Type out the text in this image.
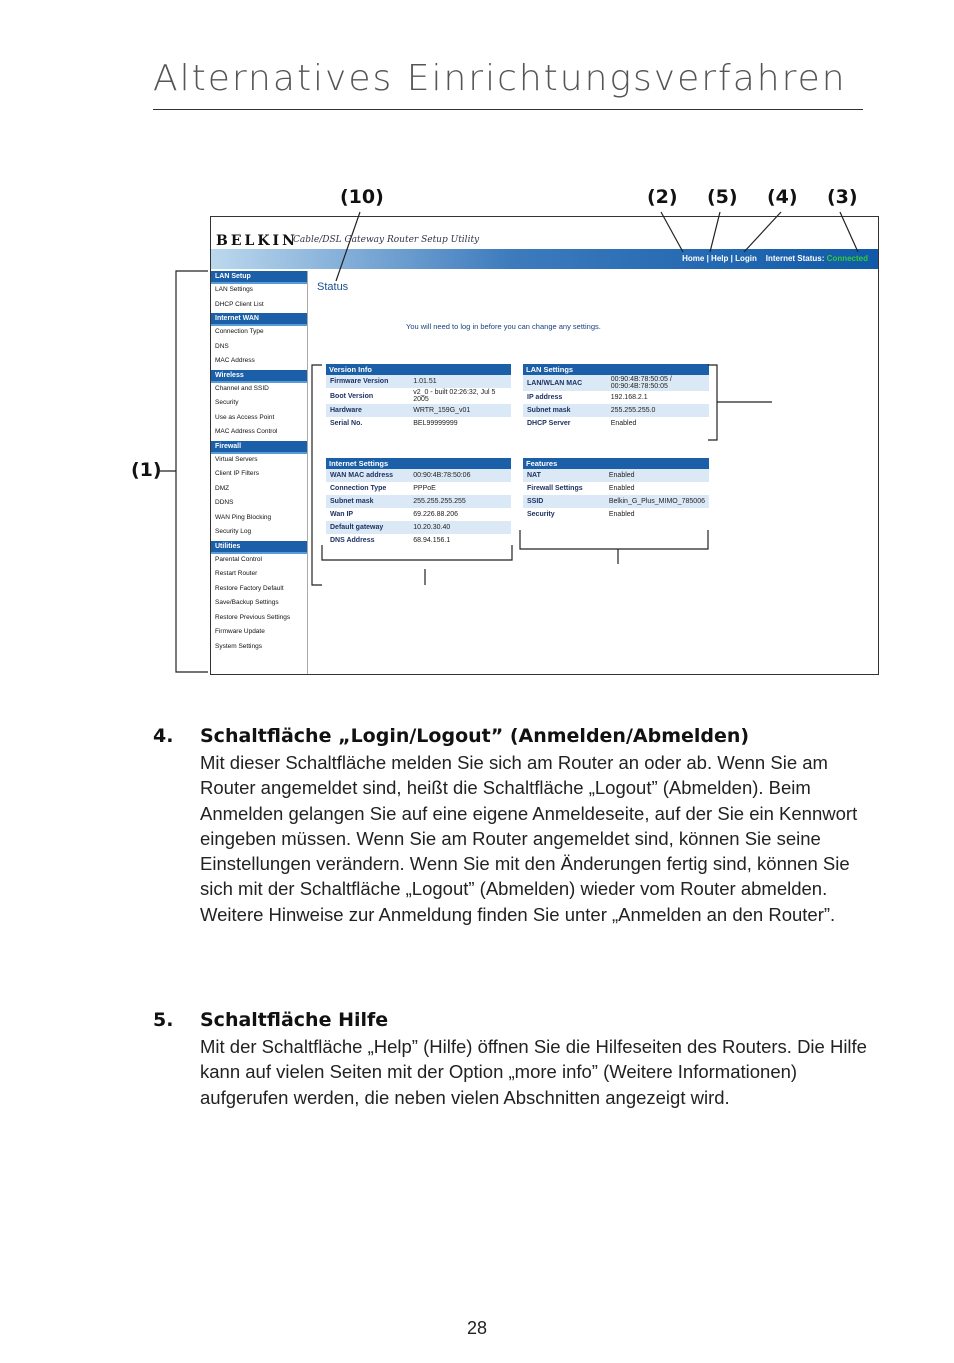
Alternatives Einrichtungsverfahren
(10)	(2) (5) (4) (3)
(1)
BELKIN
Cable/DSL Gateway Router Setup Utility
Home | Help | Login Internet Status: Connected
LAN Setup
LAN Settings
DHCP Client List
Internet WAN
Connection Type
DNS
MAC Address
Wireless
Channel and SSID
Security
Use as Access Point
MAC Address Control
Firewall
Virtual Servers
Client IP Filters
DMZ
DDNS
WAN Ping Blocking
Security Log
Utilities
Parental Control
Restart Router
Restore Factory Default
Save/Backup Settings
Restore Previous Settings
Firmware Update
System Settings
Status
You will need to log in before you can change any settings.
Version Info
Firmware Version	1.01.51
Boot Version	v2_0 - built 02:26:32, Jul 5 2005
Hardware	WRTR_159G_v01
Serial No.	BEL99999999
LAN Settings
LAN/WLAN MAC	00:90:4B:78:50:05 / 00:90:4B:78:50:05
IP address	192.168.2.1
Subnet mask	255.255.255.0
DHCP Server	Enabled
Internet Settings
WAN MAC address	00:90:4B:78:50:06
Connection Type	PPPoE
Subnet mask	255.255.255.255
Wan IP	69.226.88.206
Default gateway	10.20.30.40
DNS Address	68.94.156.1
Features
NAT	Enabled
Firewall Settings	Enabled
SSID	Belkin_G_Plus_MIMO_785006
Security	Enabled
4. Schaltfläche „Login/Logout” (Anmelden/Abmelden)
Mit dieser Schaltfläche melden Sie sich am Router an oder ab. Wenn Sie am Router angemeldet sind, heißt die Schaltfläche „Logout” (Abmelden). Beim Anmelden gelangen Sie auf eine eigene Anmeldeseite, auf der Sie ein Kennwort eingeben müssen. Wenn Sie am Router angemeldet sind, können Sie seine Einstellungen verändern. Wenn Sie mit den Änderungen fertig sind, können Sie sich mit der Schaltfläche „Logout” (Abmelden) wieder vom Router abmelden. Weitere Hinweise zur Anmeldung finden Sie unter „Anmelden an den Router”.
5. Schaltfläche Hilfe
Mit der Schaltfläche „Help” (Hilfe) öffnen Sie die Hilfeseiten des Routers. Die Hilfe kann auf vielen Seiten mit der Option „more info” (Weitere Informationen) aufgerufen werden, die neben vielen Abschnitten angezeigt wird.
28
